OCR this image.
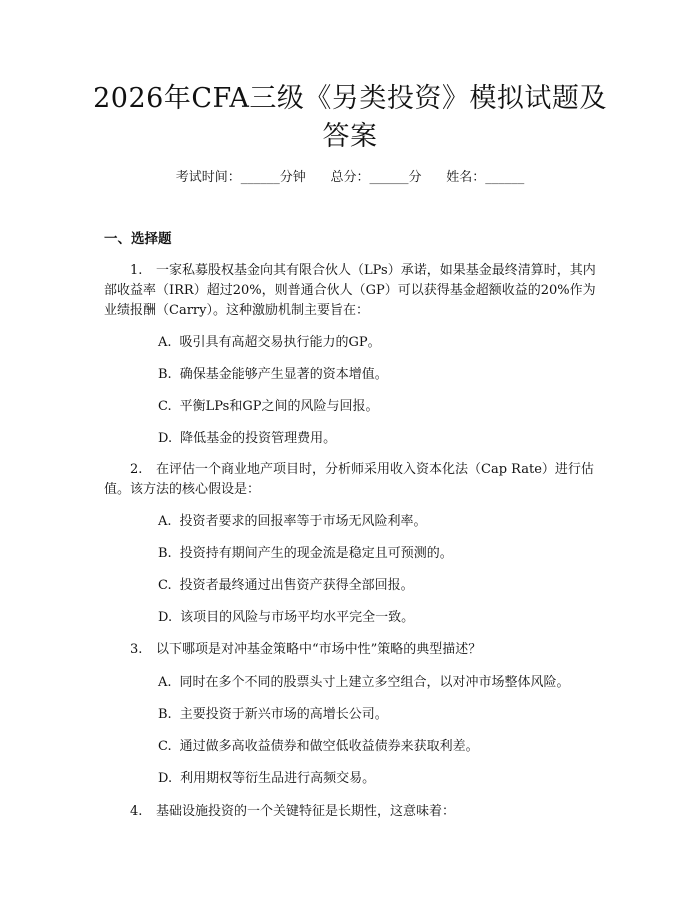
2026年CFA三级《另类投资》模拟试题及答案
考试时间：______分钟      总分：______分      姓名：______
一、选择题
1. 一家私募股权基金向其有限合伙人（LPs）承诺，如果基金最终清算时，其内部收益率（IRR）超过20%，则普通合伙人（GP）可以获得基金超额收益的20%作为业绩报酬（Carry）。这种激励机制主要旨在：
A. 吸引具有高超交易执行能力的GP。
B. 确保基金能够产生显著的资本增值。
C. 平衡LPs和GP之间的风险与回报。
D. 降低基金的投资管理费用。
2. 在评估一个商业地产项目时，分析师采用收入资本化法（Cap Rate）进行估值。该方法的核心假设是：
A. 投资者要求的回报率等于市场无风险利率。
B. 投资持有期间产生的现金流是稳定且可预测的。
C. 投资者最终通过出售资产获得全部回报。
D. 该项目的风险与市场平均水平完全一致。
3. 以下哪项是对冲基金策略中“市场中性”策略的典型描述？
A. 同时在多个不同的股票头寸上建立多空组合，以对冲市场整体风险。
B. 主要投资于新兴市场的高增长公司。
C. 通过做多高收益债券和做空低收益债券来获取利差。
D. 利用期权等衍生品进行高频交易。
4. 基础设施投资的一个关键特征是长期性，这意味着：
